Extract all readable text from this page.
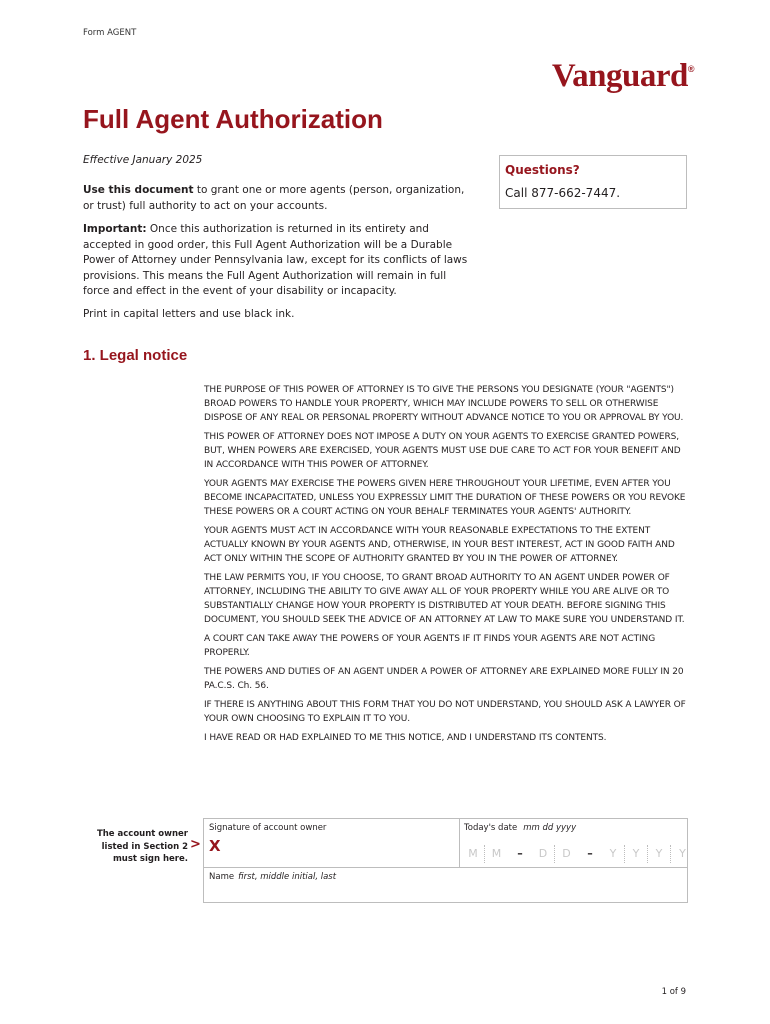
Form AGENT
Vanguard®
Full Agent Authorization
Effective January 2025
Use this document to grant one or more agents (person, organization, or trust) full authority to act on your accounts.
Important: Once this authorization is returned in its entirety and accepted in good order, this Full Agent Authorization will be a Durable Power of Attorney under Pennsylvania law, except for its conflicts of laws provisions. This means the Full Agent Authorization will remain in full force and effect in the event of your disability or incapacity.
Print in capital letters and use black ink.
Questions?
Call 877-662-7447.
1. Legal notice

THE PURPOSE OF THIS POWER OF ATTORNEY IS TO GIVE THE PERSONS YOU DESIGNATE (YOUR "AGENTS") BROAD POWERS TO HANDLE YOUR PROPERTY, WHICH MAY INCLUDE POWERS TO SELL OR OTHERWISE DISPOSE OF ANY REAL OR PERSONAL PROPERTY WITHOUT ADVANCE NOTICE TO YOU OR APPROVAL BY YOU.

THIS POWER OF ATTORNEY DOES NOT IMPOSE A DUTY ON YOUR AGENTS TO EXERCISE GRANTED POWERS, BUT, WHEN POWERS ARE EXERCISED, YOUR AGENTS MUST USE DUE CARE TO ACT FOR YOUR BENEFIT AND IN ACCORDANCE WITH THIS POWER OF ATTORNEY.

YOUR AGENTS MAY EXERCISE THE POWERS GIVEN HERE THROUGHOUT YOUR LIFETIME, EVEN AFTER YOU BECOME INCAPACITATED, UNLESS YOU EXPRESSLY LIMIT THE DURATION OF THESE POWERS OR YOU REVOKE THESE POWERS OR A COURT ACTING ON YOUR BEHALF TERMINATES YOUR AGENTS' AUTHORITY.

YOUR AGENTS MUST ACT IN ACCORDANCE WITH YOUR REASONABLE EXPECTATIONS TO THE EXTENT ACTUALLY KNOWN BY YOUR AGENTS AND, OTHERWISE, IN YOUR BEST INTEREST, ACT IN GOOD FAITH AND ACT ONLY WITHIN THE SCOPE OF AUTHORITY GRANTED BY YOU IN THE POWER OF ATTORNEY.

THE LAW PERMITS YOU, IF YOU CHOOSE, TO GRANT BROAD AUTHORITY TO AN AGENT UNDER POWER OF ATTORNEY, INCLUDING THE ABILITY TO GIVE AWAY ALL OF YOUR PROPERTY WHILE YOU ARE ALIVE OR TO SUBSTANTIALLY CHANGE HOW YOUR PROPERTY IS DISTRIBUTED AT YOUR DEATH. BEFORE SIGNING THIS DOCUMENT, YOU SHOULD SEEK THE ADVICE OF AN ATTORNEY AT LAW TO MAKE SURE YOU UNDERSTAND IT.

A COURT CAN TAKE AWAY THE POWERS OF YOUR AGENTS IF IT FINDS YOUR AGENTS ARE NOT ACTING PROPERLY.

THE POWERS AND DUTIES OF AN AGENT UNDER A POWER OF ATTORNEY ARE EXPLAINED MORE FULLY IN 20 PA.C.S. Ch. 56.

IF THERE IS ANYTHING ABOUT THIS FORM THAT YOU DO NOT UNDERSTAND, YOU SHOULD ASK A LAWYER OF YOUR OWN CHOOSING TO EXPLAIN IT TO YOU.

I HAVE READ OR HAD EXPLAINED TO ME THIS NOTICE, AND I UNDERSTAND ITS CONTENTS.

The account owner listed in Section 2 must sign here.
>
Signature of account owner
X
Today's date mm dd yyyy
M	M	–	D	D	–	Y	Y	Y	Y
Name first, middle initial, last
1 of 9
